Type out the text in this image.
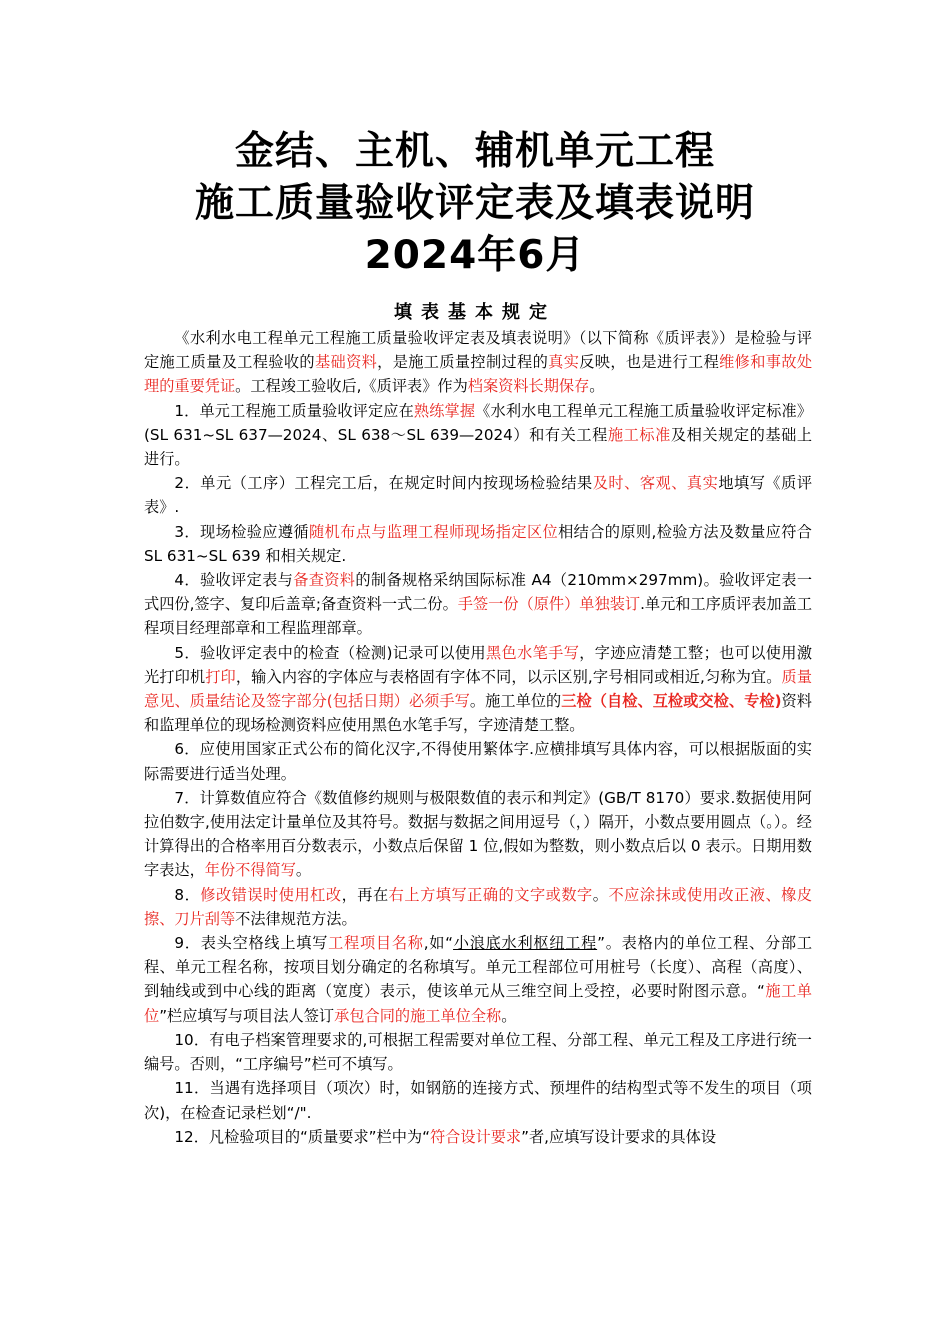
金结、主机、辅机单元工程
施工质量验收评定表及填表说明
2024年6月
填表基本规定

《水利水电工程单元工程施工质量验收评定表及填表说明》（以下简称《质评表》）是检验与评定施工质量及工程验收的基础资料，是施工质量控制过程的真实反映，也是进行工程维修和事故处理的重要凭证。工程竣工验收后,《质评表》作为档案资料长期保存。

1．单元工程施工质量验收评定应在熟练掌握《水利水电工程单元工程施工质量验收评定标准》(SL 631~SL 637—2024、SL 638～SL 639—2024）和有关工程施工标准及相关规定的基础上进行。

2．单元（工序）工程完工后，在规定时间内按现场检验结果及时、客观、真实地填写《质评表》.

3．现场检验应遵循随机布点与监理工程师现场指定区位相结合的原则,检验方法及数量应符合 SL 631~SL 639 和相关规定.

4．验收评定表与备查资料的制备规格采纳国际标准 A4（210mm×297mm)。验收评定表一式四份,签字、复印后盖章;备查资料一式二份。手签一份（原件）单独装订.单元和工序质评表加盖工程项目经理部章和工程监理部章。

5．验收评定表中的检查（检测)记录可以使用黑色水笔手写，字迹应清楚工整；也可以使用激光打印机打印，输入内容的字体应与表格固有字体不同，以示区别,字号相同或相近,匀称为宜。质量意见、质量结论及签字部分(包括日期）必须手写。施工单位的三检（自检、互检或交检、专检)资料和监理单位的现场检测资料应使用黑色水笔手写，字迹清楚工整。

6．应使用国家正式公布的简化汉字,不得使用繁体字.应横排填写具体内容，可以根据版面的实际需要进行适当处理。

7．计算数值应符合《数值修约规则与极限数值的表示和判定》(GB/T 8170）要求.数据使用阿拉伯数字,使用法定计量单位及其符号。数据与数据之间用逗号（，）隔开，小数点要用圆点（。）。经计算得出的合格率用百分数表示，小数点后保留 1 位,假如为整数，则小数点后以 0 表示。日期用数字表达，年份不得简写。

8．修改错误时使用杠改，再在右上方填写正确的文字或数字。不应涂抹或使用改正液、橡皮擦、刀片刮等不法律规范方法。

9．表头空格线上填写工程项目名称,如“小浪底水利枢纽工程”。表格内的单位工程、分部工程、单元工程名称，按项目划分确定的名称填写。单元工程部位可用桩号（长度）、高程（高度）、到轴线或到中心线的距离（宽度）表示，使该单元从三维空间上受控，必要时附图示意。“施工单位”栏应填写与项目法人签订承包合同的施工单位全称。

10．有电子档案管理要求的,可根据工程需要对单位工程、分部工程、单元工程及工序进行统一编号。否则，“工序编号”栏可不填写。

11．当遇有选择项目（项次）时，如钢筋的连接方式、预埋件的结构型式等不发生的项目（项次)，在检查记录栏划“/".

12．凡检验项目的“质量要求”栏中为“符合设计要求”者,应填写设计要求的具体设
